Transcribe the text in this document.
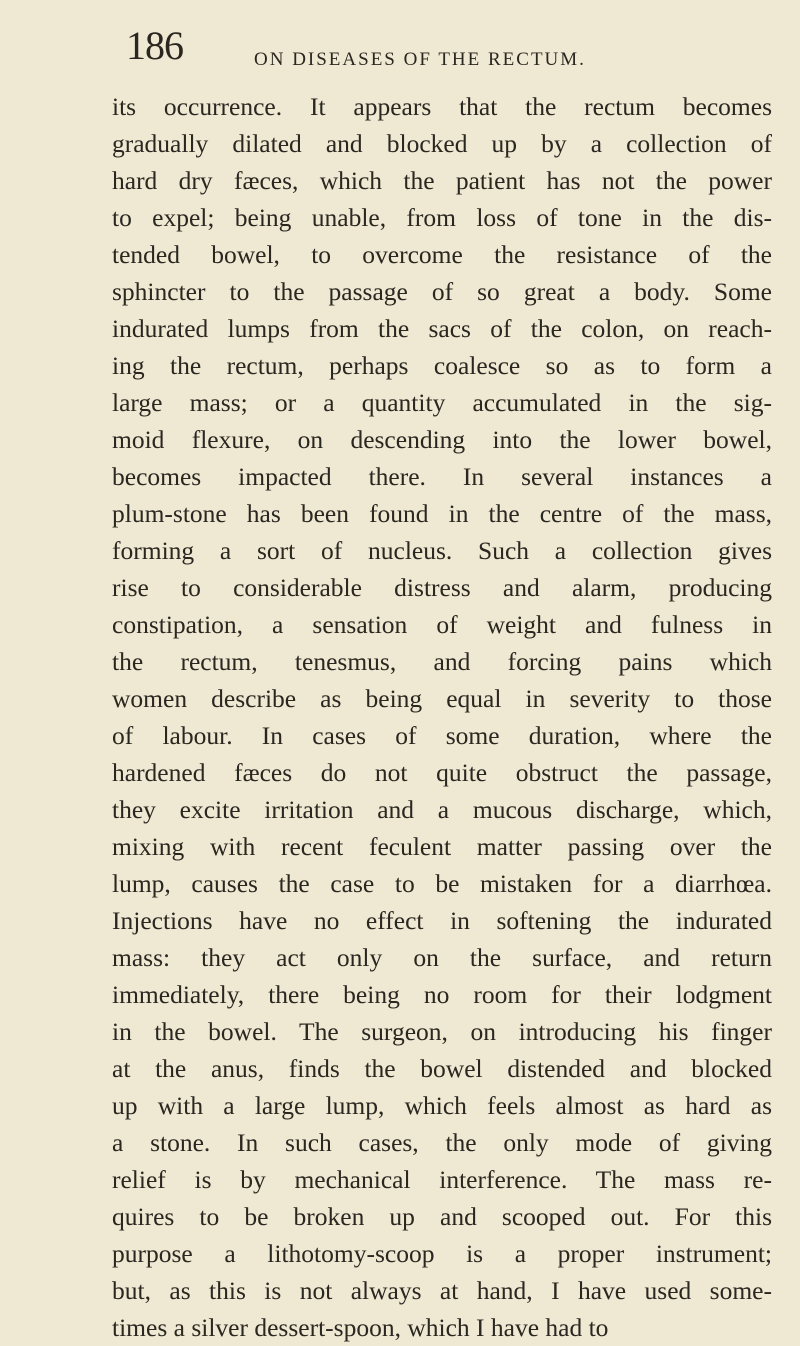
186	ON DISEASES OF THE RECTUM.
its occurrence. It appears that the rectum becomes
gradually dilated and blocked up by a collection of
hard dry fæces, which the patient has not the power
to expel; being unable, from loss of tone in the dis-
tended bowel, to overcome the resistance of the
sphincter to the passage of so great a body. Some
indurated lumps from the sacs of the colon, on reach-
ing the rectum, perhaps coalesce so as to form a
large mass; or a quantity accumulated in the sig-
moid flexure, on descending into the lower bowel,
becomes impacted there. In several instances a
plum-stone has been found in the centre of the mass,
forming a sort of nucleus. Such a collection gives
rise to considerable distress and alarm, producing
constipation, a sensation of weight and fulness in
the rectum, tenesmus, and forcing pains which
women describe as being equal in severity to those
of labour. In cases of some duration, where the
hardened fæces do not quite obstruct the passage,
they excite irritation and a mucous discharge, which,
mixing with recent feculent matter passing over the
lump, causes the case to be mistaken for a diarrhœa.
Injections have no effect in softening the indurated
mass: they act only on the surface, and return
immediately, there being no room for their lodgment
in the bowel. The surgeon, on introducing his finger
at the anus, finds the bowel distended and blocked
up with a large lump, which feels almost as hard as
a stone. In such cases, the only mode of giving
relief is by mechanical interference. The mass re-
quires to be broken up and scooped out. For this
purpose a lithotomy-scoop is a proper instrument;
but, as this is not always at hand, I have used some-
times a silver dessert-spoon, which I have had to
